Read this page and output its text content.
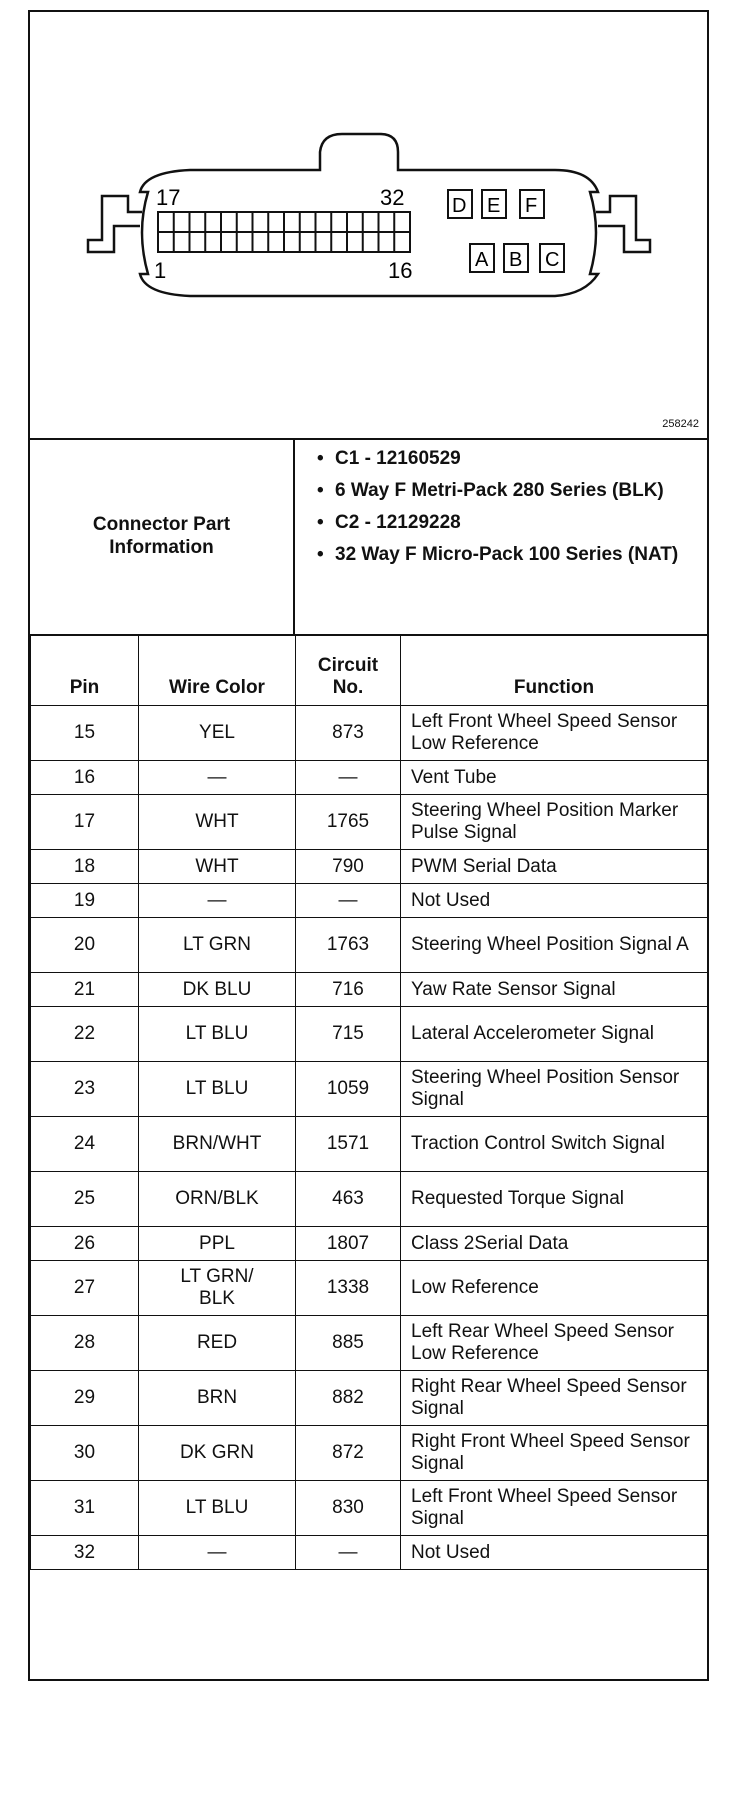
17	32
1	16
D E F
A B C
258242
Connector Part Information
• C1 - 12160529
• 6 Way F Metri-Pack 280 Series (BLK)
• C2 - 12129228
• 32 Way F Micro-Pack 100 Series (NAT)
Pin	Wire Color	Circuit No.	Function
15	YEL	873	Left Front Wheel Speed Sensor Low Reference
16	—	—	Vent Tube
17	WHT	1765	Steering Wheel Position Marker Pulse Signal
18	WHT	790	PWM Serial Data
19	—	—	Not Used
20	LT GRN	1763	Steering Wheel Position Signal A
21	DK BLU	716	Yaw Rate Sensor Signal
22	LT BLU	715	Lateral Accelerometer Signal
23	LT BLU	1059	Steering Wheel Position Sensor Signal
24	BRN/WHT	1571	Traction Control Switch Signal
25	ORN/BLK	463	Requested Torque Signal
26	PPL	1807	Class 2Serial Data
27	LT GRN/ BLK	1338	Low Reference
28	RED	885	Left Rear Wheel Speed Sensor Low Reference
29	BRN	882	Right Rear Wheel Speed Sensor Signal
30	DK GRN	872	Right Front Wheel Speed Sensor Signal
31	LT BLU	830	Left Front Wheel Speed Sensor Signal
32	—	—	Not Used
